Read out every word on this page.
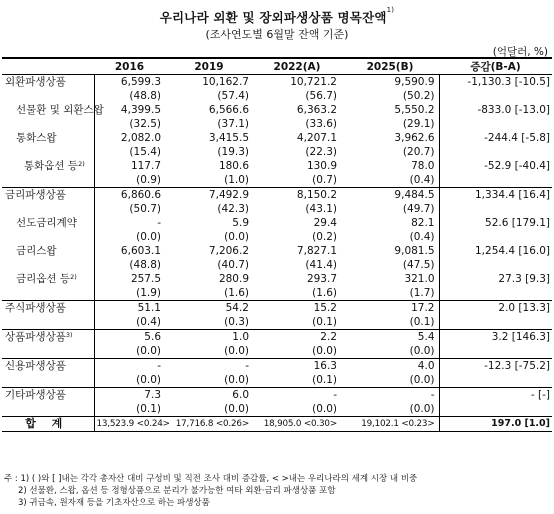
우리나라 외환 및 장외파생상품 명목잔액$^{1)}$
(조사연도별 6월말 잔액 기준)
(억달러, %)
	2016	2019	2022(A)	2025(B)	증감(B-A)
외환파생상품	6,599.3	10,162.7	10,721.2	9,590.9	-1,130.3 [-10.5]
	(48.8)	(57.4)	(56.7)	(50.2)	
선물환 및 외환스왑	4,399.5	6,566.6	6,363.2	5,550.2	-833.0 [-13.0]
	(32.5)	(37.1)	(33.6)	(29.1)	
통화스왑	2,082.0	3,415.5	4,207.1	3,962.6	-244.4 [-5.8]
	(15.4)	(19.3)	(22.3)	(20.7)	
통화옵션 등$^{2)}$	117.7	180.6	130.9	78.0	-52.9 [-40.4]
	(0.9)	(1.0)	(0.7)	(0.4)	
금리파생상품	6,860.6	7,492.9	8,150.2	9,484.5	1,334.4 [16.4]
	(50.7)	(42.3)	(43.1)	(49.7)	
선도금리계약	-	5.9	29.4	82.1	52.6 [179.1]
	(0.0)	(0.0)	(0.2)	(0.4)	
금리스왑	6,603.1	7,206.2	7,827.1	9,081.5	1,254.4 [16.0]
	(48.8)	(40.7)	(41.4)	(47.5)	
금리옵션 등$^{2)}$	257.5	280.9	293.7	321.0	27.3 [9.3]
	(1.9)	(1.6)	(1.6)	(1.7)	
주식파생상품	51.1	54.2	15.2	17.2	2.0 [13.3]
	(0.4)	(0.3)	(0.1)	(0.1)	
상품파생상품$^{3)}$	5.6	1.0	2.2	5.4	3.2 [146.3]
	(0.0)	(0.0)	(0.0)	(0.0)	
신용파생상품	-	-	16.3	4.0	-12.3 [-75.2]
	(0.0)	(0.0)	(0.1)	(0.0)	
기타파생상품	7.3	6.0	-	-	- [-]
	(0.1)	(0.0)	(0.0)	(0.0)	
합 계	13,523.9 <0.24>	17,716.8 <0.26>	18,905.0 <0.30>	19,102.1 <0.23>	197.0 [1.0]
주 : 1) ( )와 [ ]내는 각각 총자산 대비 구성비 및 직전 조사 대비 증감률, < >내는 우리나라의 세계 시장 내 비중
2) 선물환, 스왑, 옵션 등 정형상품으로 분리가 불가능한 여타 외환·금리 파생상품 포함
3) 귀금속, 원자재 등을 기초자산으로 하는 파생상품
